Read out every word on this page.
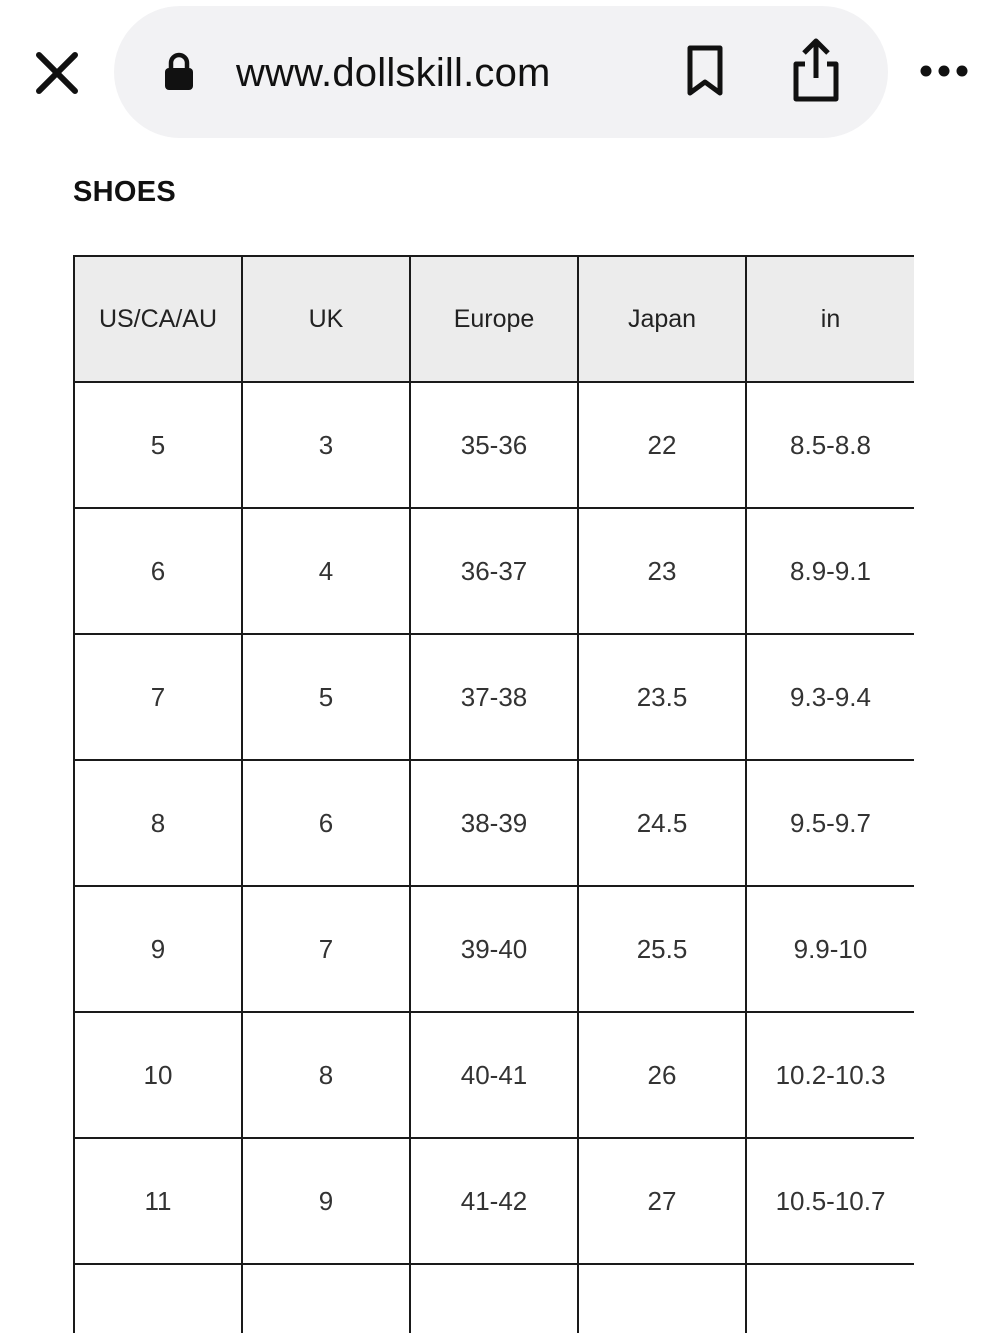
www.dollskill.com
SHOES
US/CA/AU	UK	Europe	Japan	in
5	3	35-36	22	8.5-8.8
6	4	36-37	23	8.9-9.1
7	5	37-38	23.5	9.3-9.4
8	6	38-39	24.5	9.5-9.7
9	7	39-40	25.5	9.9-10
10	8	40-41	26	10.2-10.3
11	9	41-42	27	10.5-10.7
